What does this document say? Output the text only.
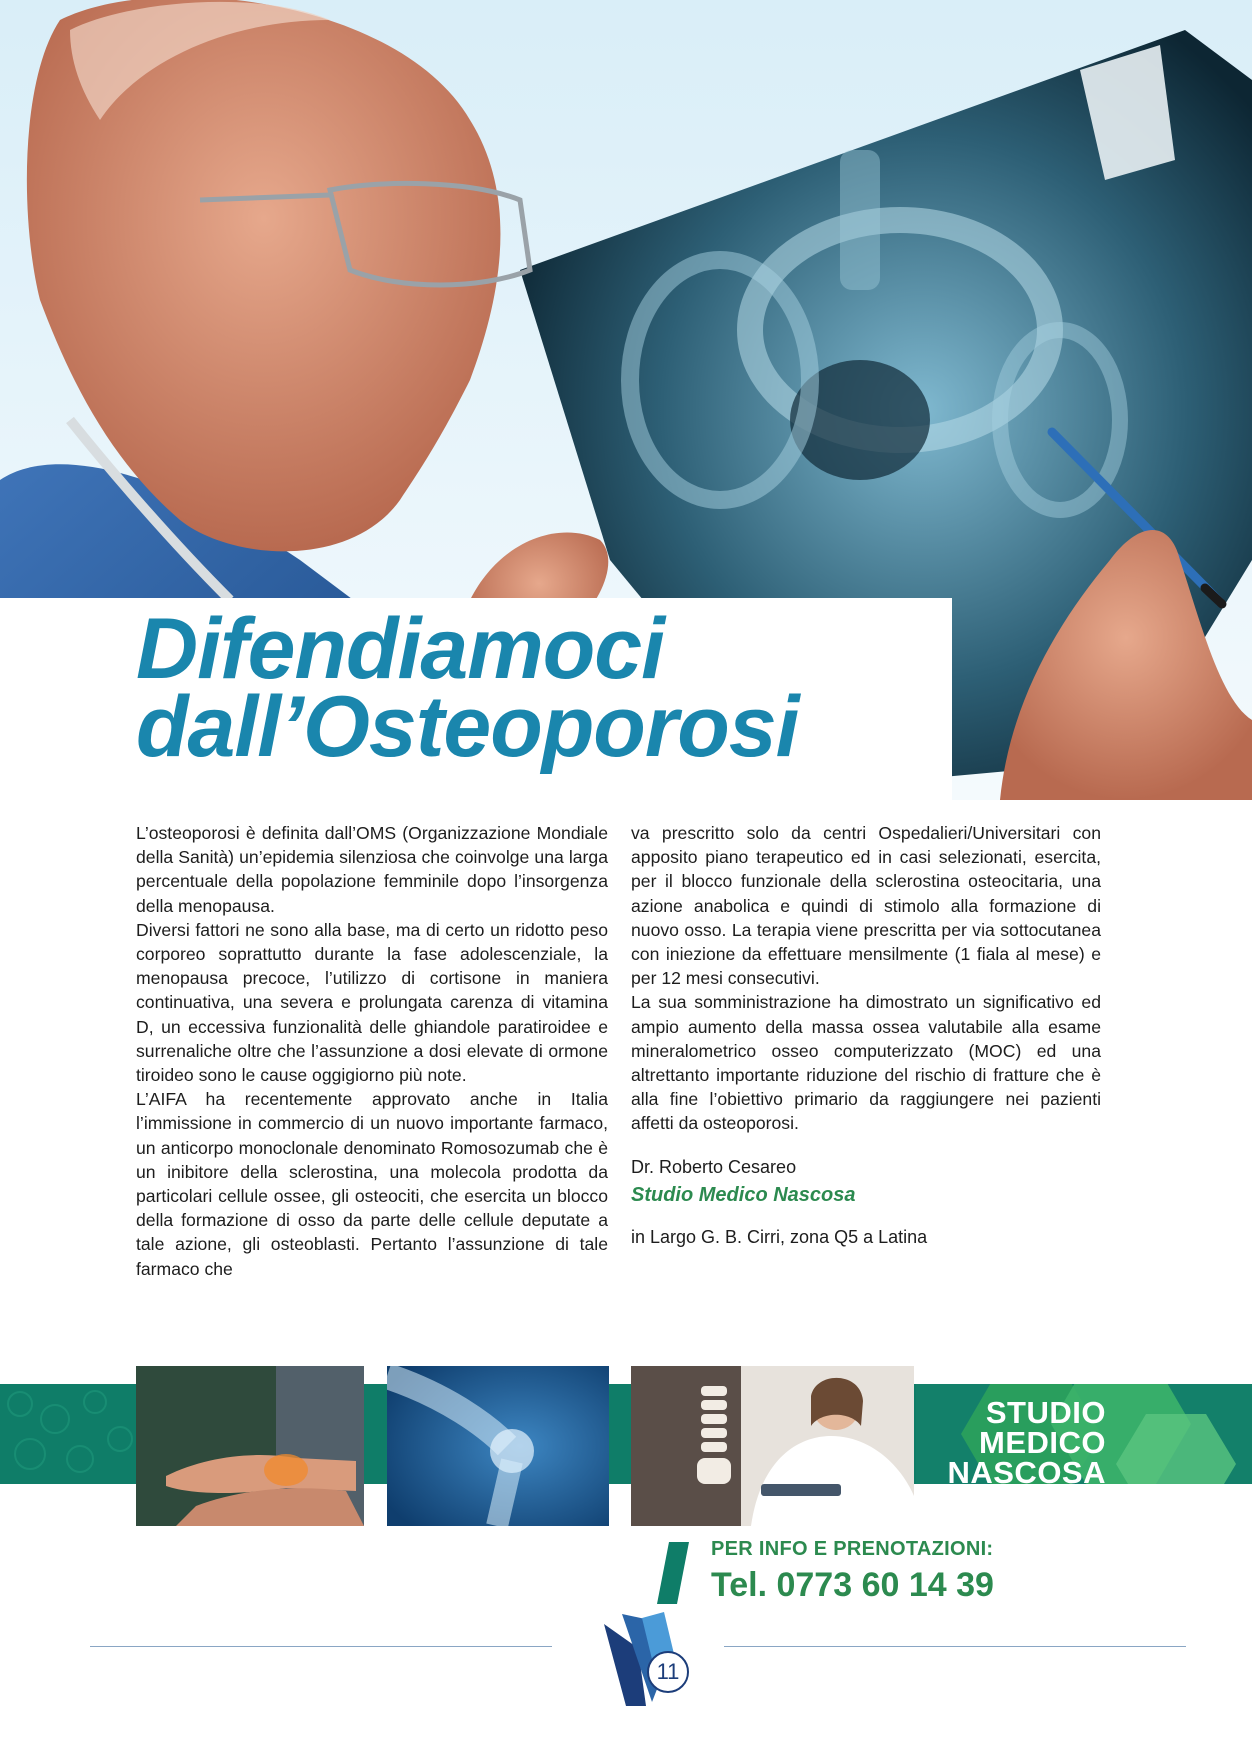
Difendiamoci
dall’Osteoporosi

L’osteoporosi è definita dall’OMS (Organizzazione Mondiale della Sanità) un’epidemia silenziosa che coinvolge una larga percentuale della popolazione femminile dopo l’insorgenza della menopausa.

Diversi fattori ne sono alla base, ma di certo un ridotto peso corporeo soprattutto durante la fase adolescenziale, la menopausa precoce, l’utilizzo di cortisone in maniera continuativa, una severa e prolungata carenza di vitamina D, un eccessiva funzionalità delle ghiandole paratiroidee e surrenaliche oltre che l’assunzione a dosi elevate di ormone tiroideo sono le cause oggigiorno più note.

L’AIFA ha recentemente approvato anche in Italia l’immissione in commercio di un nuovo importante farmaco, un anticorpo monoclonale denominato Romosozumab che è un inibitore della sclerostina, una molecola prodotta da particolari cellule ossee, gli osteociti, che esercita un blocco della formazione di osso da parte delle cellule deputate a tale azione, gli osteoblasti. Pertanto l’assunzione di tale farmaco che

va prescritto solo da centri Ospedalieri/Universitari con apposito piano terapeutico ed in casi selezionati, esercita, per il blocco funzionale della sclerostina osteocitaria, una azione anabolica e quindi di stimolo alla formazione di nuovo osso. La terapia viene prescritta per via sottocutanea con iniezione da effettuare mensilmente (1 fiala al mese) e per 12 mesi consecutivi.

La sua somministrazione ha dimostrato un significativo ed ampio aumento della massa ossea valutabile alla esame mineralometrico osseo computerizzato (MOC) ed una altrettanto importante riduzione del rischio di fratture che è alla fine l’obiettivo primario da raggiungere nei pazienti affetti da osteoporosi.

Dr. Roberto Cesareo
Studio Medico Nascosa
in Largo G. B. Cirri, zona Q5 a Latina
STUDIO
MEDICO
NASCOSA
PER INFO E PRENOTAZIONI:
Tel. 0773 60 14 39
11
